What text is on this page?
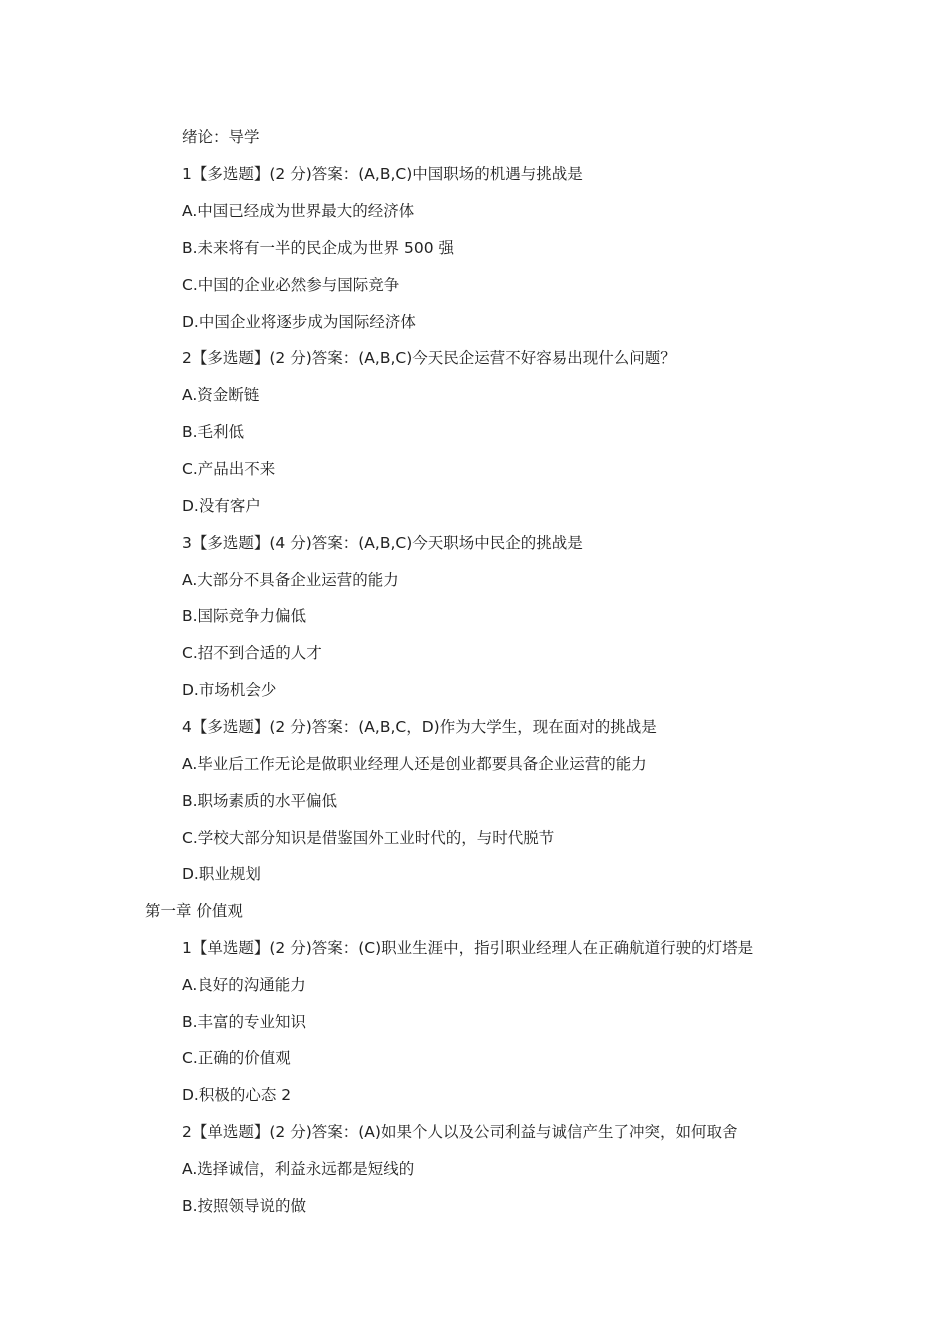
绪论：导学
1【多选题】(2 分)答案：(A,B,C)中国职场的机遇与挑战是
A.中国已经成为世界最大的经济体
B.未来将有一半的民企成为世界 500 强
C.中国的企业必然参与国际竞争
D.中国企业将逐步成为国际经济体
2【多选题】(2 分)答案：(A,B,C)今天民企运营不好容易出现什么问题？
A.资金断链
B.毛利低
C.产品出不来
D.没有客户
3【多选题】(4 分)答案：(A,B,C)今天职场中民企的挑战是
A.大部分不具备企业运营的能力
B.国际竞争力偏低
C.招不到合适的人才
D.市场机会少
4【多选题】(2 分)答案：(A,B,C，D)作为大学生，现在面对的挑战是
A.毕业后工作无论是做职业经理人还是创业都要具备企业运营的能力
B.职场素质的水平偏低
C.学校大部分知识是借鉴国外工业时代的，与时代脱节
D.职业规划
第一章 价值观
1【单选题】(2 分)答案：(C)职业生涯中，指引职业经理人在正确航道行驶的灯塔是
A.良好的沟通能力
B.丰富的专业知识
C.正确的价值观
D.积极的心态 2
2【单选题】(2 分)答案：(A)如果个人以及公司利益与诚信产生了冲突，如何取舍
A.选择诚信，利益永远都是短线的
B.按照领导说的做
